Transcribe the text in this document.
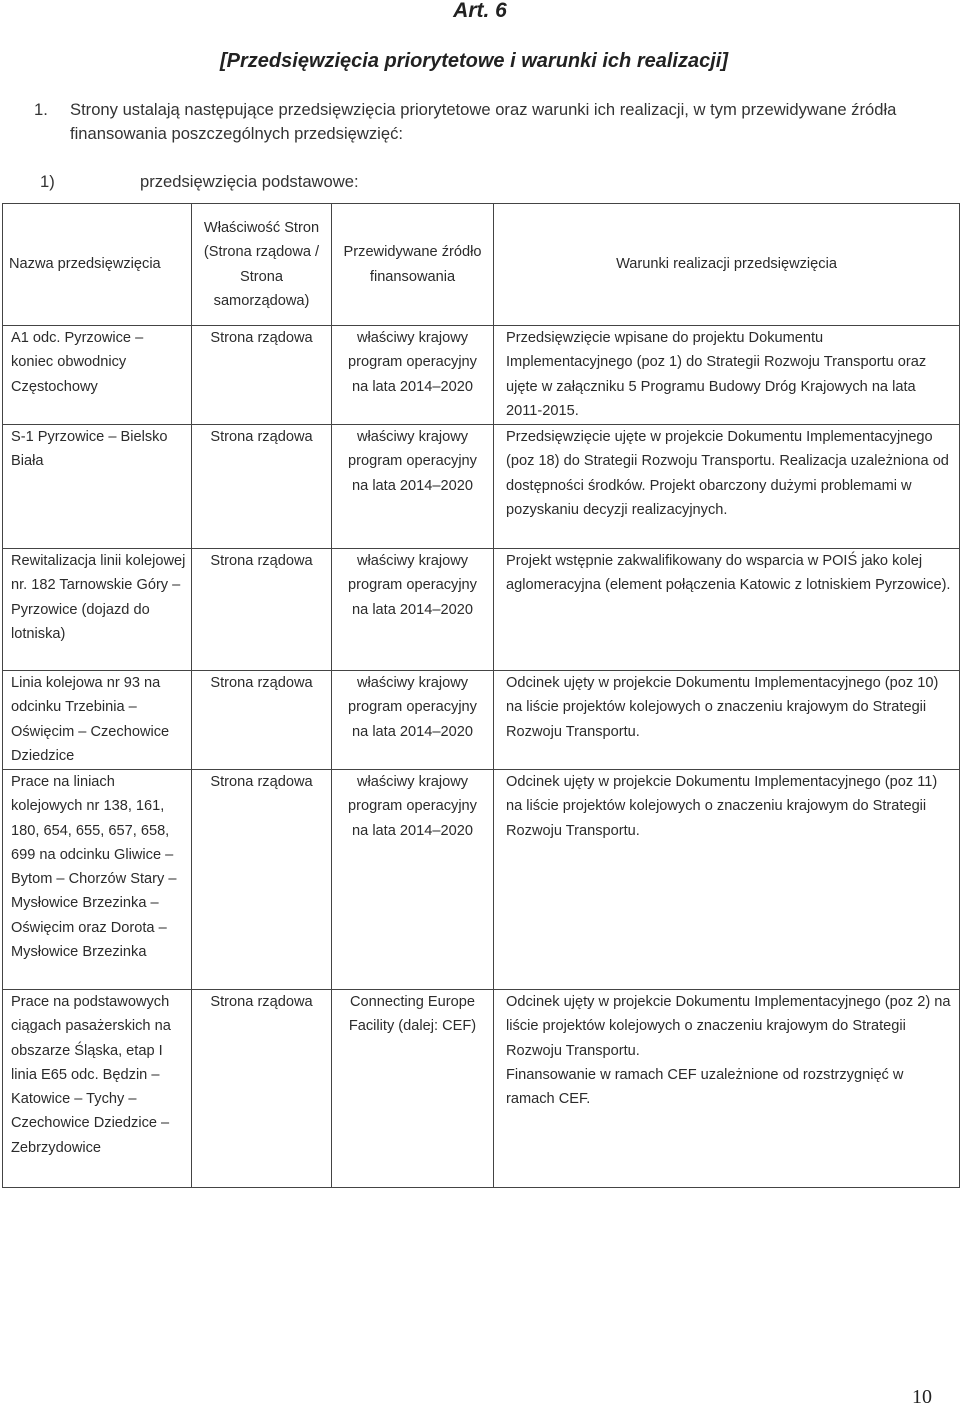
Art. 6
[Przedsięwzięcia priorytetowe i warunki ich realizacji]
1. Strony ustalają następujące przedsięwzięcia priorytetowe oraz warunki ich realizacji, w tym przewidywane źródła finansowania poszczególnych przedsięwzięć:
1)	przedsięwzięcia podstawowe:
Nazwa przedsięwzięcia	Właściwość Stron (Strona rządowa / Strona samorządowa)	Przewidywane źródło finansowania	Warunki realizacji przedsięwzięcia
A1 odc. Pyrzowice – koniec obwodnicy Częstochowy	Strona rządowa	właściwy krajowy program operacyjny na lata 2014–2020	Przedsięwzięcie wpisane do projektu Dokumentu Implementacyjnego (poz 1) do Strategii Rozwoju Transportu oraz ujęte w załączniku 5 Programu Budowy Dróg Krajowych na lata 2011-2015.
S-1 Pyrzowice – Bielsko Biała	Strona rządowa	właściwy krajowy program operacyjny na lata 2014–2020	Przedsięwzięcie ujęte w projekcie Dokumentu Implementacyjnego (poz 18) do Strategii Rozwoju Transportu. Realizacja uzależniona od dostępności środków. Projekt obarczony dużymi problemami w pozyskaniu decyzji realizacyjnych.
Rewitalizacja linii kolejowej nr. 182 Tarnowskie Góry – Pyrzowice (dojazd do lotniska)	Strona rządowa	właściwy krajowy program operacyjny na lata 2014–2020	Projekt wstępnie zakwalifikowany do wsparcia w POIŚ jako kolej aglomeracyjna (element połączenia Katowic z lotniskiem Pyrzowice).
Linia kolejowa nr 93 na odcinku Trzebinia – Oświęcim – Czechowice Dziedzice	Strona rządowa	właściwy krajowy program operacyjny na lata 2014–2020	Odcinek ujęty w projekcie Dokumentu Implementacyjnego (poz 10) na liście projektów kolejowych o znaczeniu krajowym do Strategii Rozwoju Transportu.
Prace na liniach kolejowych nr 138, 161, 180, 654, 655, 657, 658, 699 na odcinku Gliwice – Bytom – Chorzów Stary – Mysłowice Brzezinka – Oświęcim oraz Dorota – Mysłowice Brzezinka	Strona rządowa	właściwy krajowy program operacyjny na lata 2014–2020	Odcinek ujęty w projekcie Dokumentu Implementacyjnego (poz 11) na liście projektów kolejowych o znaczeniu krajowym do Strategii Rozwoju Transportu.
Prace na podstawowych ciągach pasażerskich na obszarze Śląska, etap I linia E65 odc. Będzin – Katowice – Tychy – Czechowice Dziedzice – Zebrzydowice	Strona rządowa	Connecting Europe Facility (dalej: CEF)	Odcinek ujęty w projekcie Dokumentu Implementacyjnego (poz 2) na liście projektów kolejowych o znaczeniu krajowym do Strategii Rozwoju Transportu.
Finansowanie w ramach CEF uzależnione od rozstrzygnięć w ramach CEF.
10
